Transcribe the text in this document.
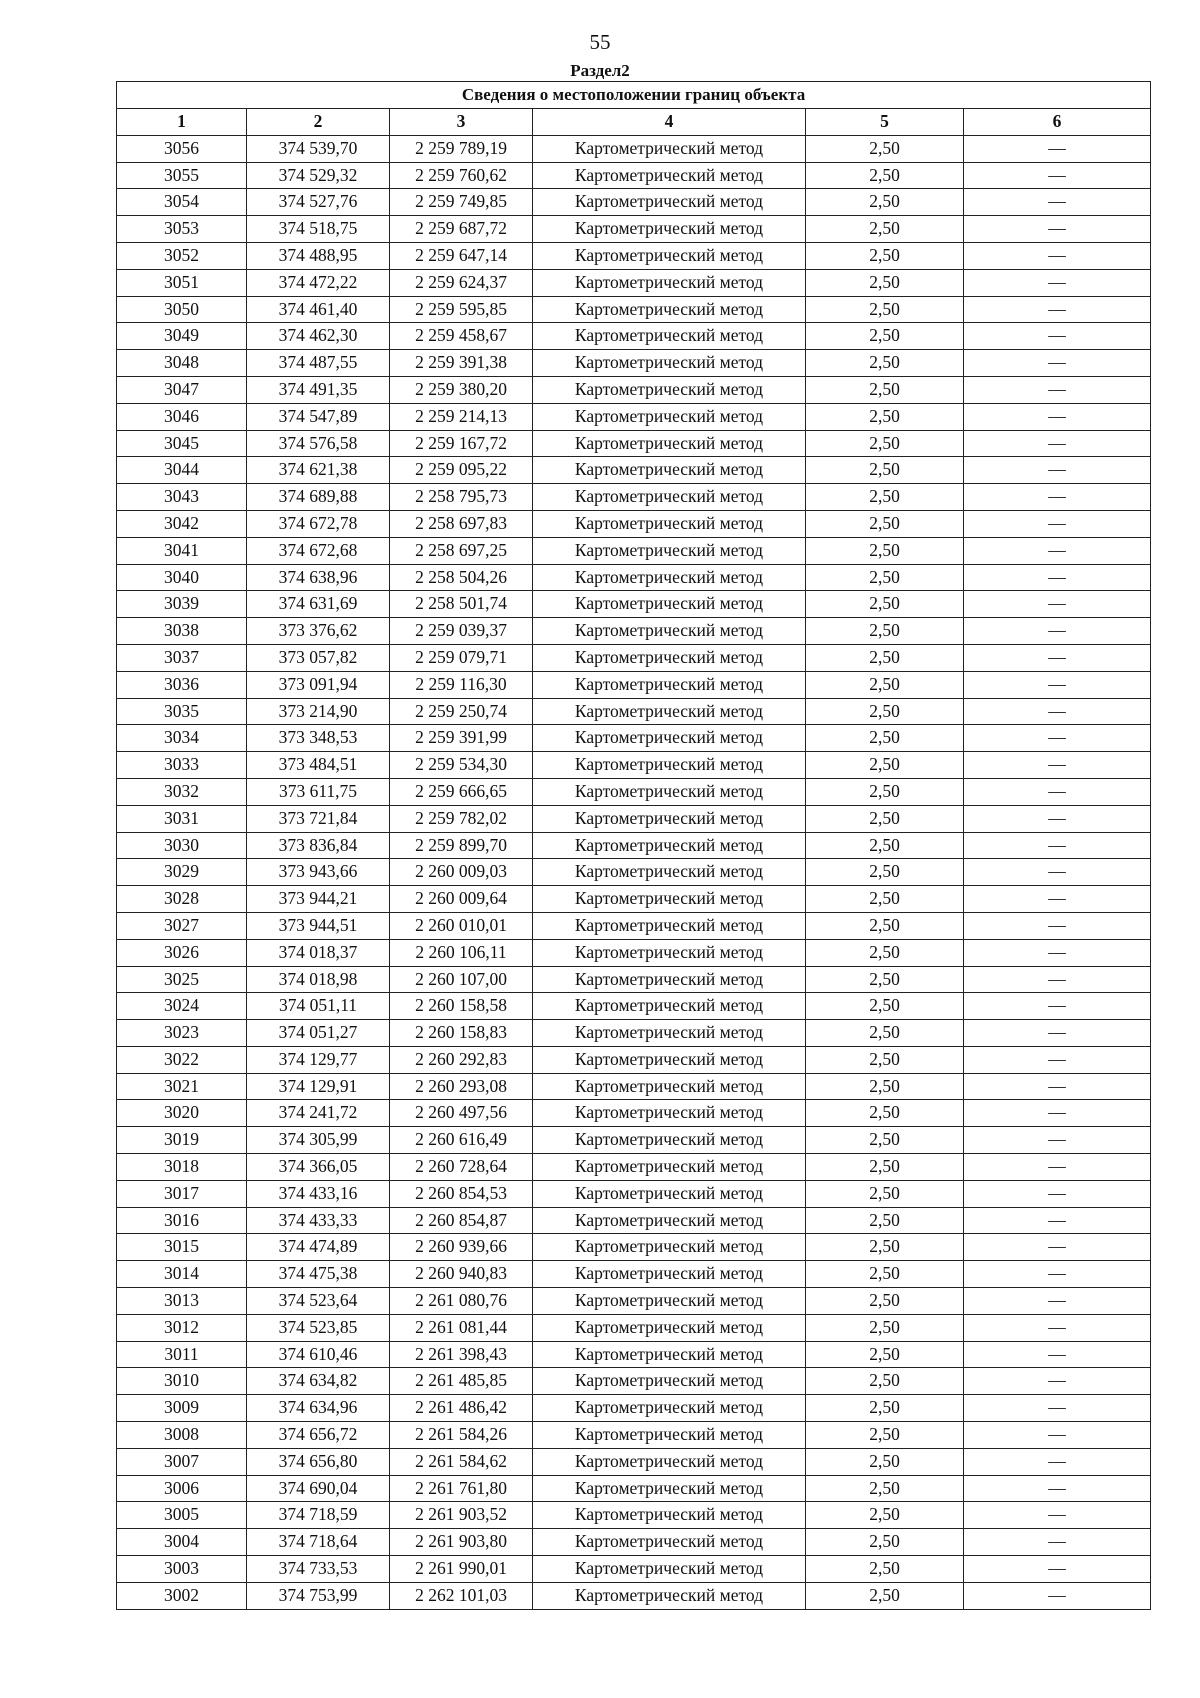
55
Раздел2
Сведения о местоположении границ объекта					
1	2	3	4	5	6
3056	374 539,70	2 259 789,19	Картометрический метод	2,50	—
3055	374 529,32	2 259 760,62	Картометрический метод	2,50	—
3054	374 527,76	2 259 749,85	Картометрический метод	2,50	—
3053	374 518,75	2 259 687,72	Картометрический метод	2,50	—
3052	374 488,95	2 259 647,14	Картометрический метод	2,50	—
3051	374 472,22	2 259 624,37	Картометрический метод	2,50	—
3050	374 461,40	2 259 595,85	Картометрический метод	2,50	—
3049	374 462,30	2 259 458,67	Картометрический метод	2,50	—
3048	374 487,55	2 259 391,38	Картометрический метод	2,50	—
3047	374 491,35	2 259 380,20	Картометрический метод	2,50	—
3046	374 547,89	2 259 214,13	Картометрический метод	2,50	—
3045	374 576,58	2 259 167,72	Картометрический метод	2,50	—
3044	374 621,38	2 259 095,22	Картометрический метод	2,50	—
3043	374 689,88	2 258 795,73	Картометрический метод	2,50	—
3042	374 672,78	2 258 697,83	Картометрический метод	2,50	—
3041	374 672,68	2 258 697,25	Картометрический метод	2,50	—
3040	374 638,96	2 258 504,26	Картометрический метод	2,50	—
3039	374 631,69	2 258 501,74	Картометрический метод	2,50	—
3038	373 376,62	2 259 039,37	Картометрический метод	2,50	—
3037	373 057,82	2 259 079,71	Картометрический метод	2,50	—
3036	373 091,94	2 259 116,30	Картометрический метод	2,50	—
3035	373 214,90	2 259 250,74	Картометрический метод	2,50	—
3034	373 348,53	2 259 391,99	Картометрический метод	2,50	—
3033	373 484,51	2 259 534,30	Картометрический метод	2,50	—
3032	373 611,75	2 259 666,65	Картометрический метод	2,50	—
3031	373 721,84	2 259 782,02	Картометрический метод	2,50	—
3030	373 836,84	2 259 899,70	Картометрический метод	2,50	—
3029	373 943,66	2 260 009,03	Картометрический метод	2,50	—
3028	373 944,21	2 260 009,64	Картометрический метод	2,50	—
3027	373 944,51	2 260 010,01	Картометрический метод	2,50	—
3026	374 018,37	2 260 106,11	Картометрический метод	2,50	—
3025	374 018,98	2 260 107,00	Картометрический метод	2,50	—
3024	374 051,11	2 260 158,58	Картометрический метод	2,50	—
3023	374 051,27	2 260 158,83	Картометрический метод	2,50	—
3022	374 129,77	2 260 292,83	Картометрический метод	2,50	—
3021	374 129,91	2 260 293,08	Картометрический метод	2,50	—
3020	374 241,72	2 260 497,56	Картометрический метод	2,50	—
3019	374 305,99	2 260 616,49	Картометрический метод	2,50	—
3018	374 366,05	2 260 728,64	Картометрический метод	2,50	—
3017	374 433,16	2 260 854,53	Картометрический метод	2,50	—
3016	374 433,33	2 260 854,87	Картометрический метод	2,50	—
3015	374 474,89	2 260 939,66	Картометрический метод	2,50	—
3014	374 475,38	2 260 940,83	Картометрический метод	2,50	—
3013	374 523,64	2 261 080,76	Картометрический метод	2,50	—
3012	374 523,85	2 261 081,44	Картометрический метод	2,50	—
3011	374 610,46	2 261 398,43	Картометрический метод	2,50	—
3010	374 634,82	2 261 485,85	Картометрический метод	2,50	—
3009	374 634,96	2 261 486,42	Картометрический метод	2,50	—
3008	374 656,72	2 261 584,26	Картометрический метод	2,50	—
3007	374 656,80	2 261 584,62	Картометрический метод	2,50	—
3006	374 690,04	2 261 761,80	Картометрический метод	2,50	—
3005	374 718,59	2 261 903,52	Картометрический метод	2,50	—
3004	374 718,64	2 261 903,80	Картометрический метод	2,50	—
3003	374 733,53	2 261 990,01	Картометрический метод	2,50	—
3002	374 753,99	2 262 101,03	Картометрический метод	2,50	—
